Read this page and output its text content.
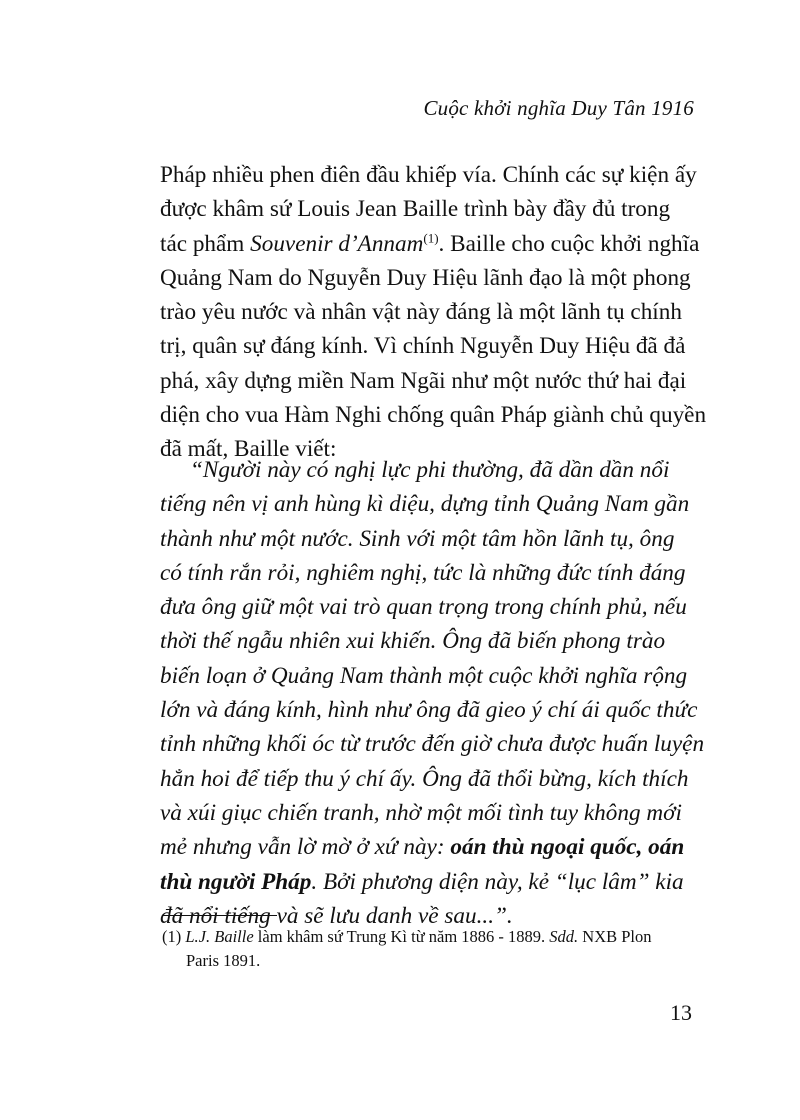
Cuộc khởi nghĩa Duy Tân 1916
Pháp nhiều phen điên đầu khiếp vía. Chính các sự kiện ấy
được khâm sứ Louis Jean Baille trình bày đầy đủ trong
tác phẩm Souvenir d’Annam$^{(1)}$. Baille cho cuộc khởi nghĩa
Quảng Nam do Nguyễn Duy Hiệu lãnh đạo là một phong
trào yêu nước và nhân vật này đáng là một lãnh tụ chính
trị, quân sự đáng kính. Vì chính Nguyễn Duy Hiệu đã đả
phá, xây dựng miền Nam Ngãi như một nước thứ hai đại
diện cho vua Hàm Nghi chống quân Pháp giành chủ quyền
đã mất, Baille viết:
“Người này có nghị lực phi thường, đã dần dần nổi
tiếng nên vị anh hùng kì diệu, dựng tỉnh Quảng Nam gần
thành như một nước. Sinh với một tâm hồn lãnh tụ, ông
có tính rắn rỏi, nghiêm nghị, tức là những đức tính đáng
đưa ông giữ một vai trò quan trọng trong chính phủ, nếu
thời thế ngẫu nhiên xui khiến. Ông đã biến phong trào
biến loạn ở Quảng Nam thành một cuộc khởi nghĩa rộng
lớn và đáng kính, hình như ông đã gieo ý chí ái quốc thức
tỉnh những khối óc từ trước đến giờ chưa được huấn luyện
hẳn hoi để tiếp thu ý chí ấy. Ông đã thổi bừng, kích thích
và xúi giục chiến tranh, nhờ một mối tình tuy không mới
mẻ nhưng vẫn lờ mờ ở xứ này: oán thù ngoại quốc, oán
thù người Pháp. Bởi phương diện này, kẻ “lục lâm” kia
đã nổi tiếng và sẽ lưu danh về sau...”.
(1) L.J. Baille làm khâm sứ Trung Kì từ năm 1886 - 1889. Sdd. NXB Plon
Paris 1891.
13
